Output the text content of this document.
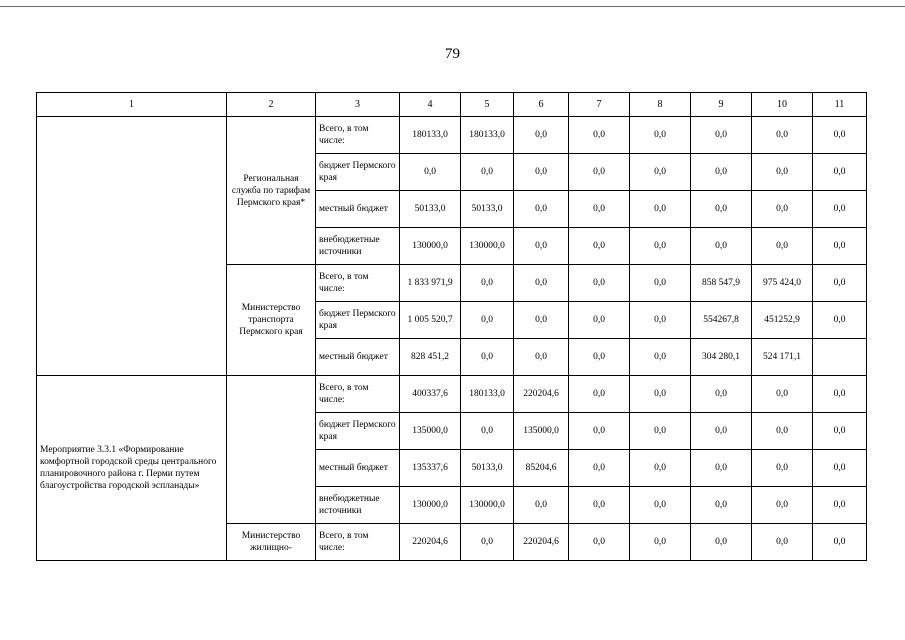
79
1	2	3	4	5	6	7	8	9	10	11
	Региональная служба по тарифам Пермского края*	Всего, в том числе:	180133,0	180133,0	0,0	0,0	0,0	0,0	0,0	0,0
		бюджет Пермского края	0,0	0,0	0,0	0,0	0,0	0,0	0,0	0,0
		местный бюджет	50133,0	50133,0	0,0	0,0	0,0	0,0	0,0	0,0
		внебюджетные источники	130000,0	130000,0	0,0	0,0	0,0	0,0	0,0	0,0
	Министерство транспорта Пермского края	Всего, в том числе:	1 833 971,9	0,0	0,0	0,0	0,0	858 547,9	975 424,0	0,0
		бюджет Пермского края	1 005 520,7	0,0	0,0	0,0	0,0	554267,8	451252,9	0,0
		местный бюджет	828 451,2	0,0	0,0	0,0	0,0	304 280,1	524 171,1	
Мероприятие 3.3.1 «Формирование комфортной городской среды центрального планировочного района г. Перми путем благоустройства городской эспланады»		Всего, в том числе:	400337,6	180133,0	220204,6	0,0	0,0	0,0	0,0	0,0
		бюджет Пермского края	135000,0	0,0	135000,0	0,0	0,0	0,0	0,0	0,0
		местный бюджет	135337,6	50133,0	85204,6	0,0	0,0	0,0	0,0	0,0
		внебюджетные источники	130000,0	130000,0	0,0	0,0	0,0	0,0	0,0	0,0
	Министерство жилищно-	Всего, в том числе:	220204,6	0,0	220204,6	0,0	0,0	0,0	0,0	0,0
